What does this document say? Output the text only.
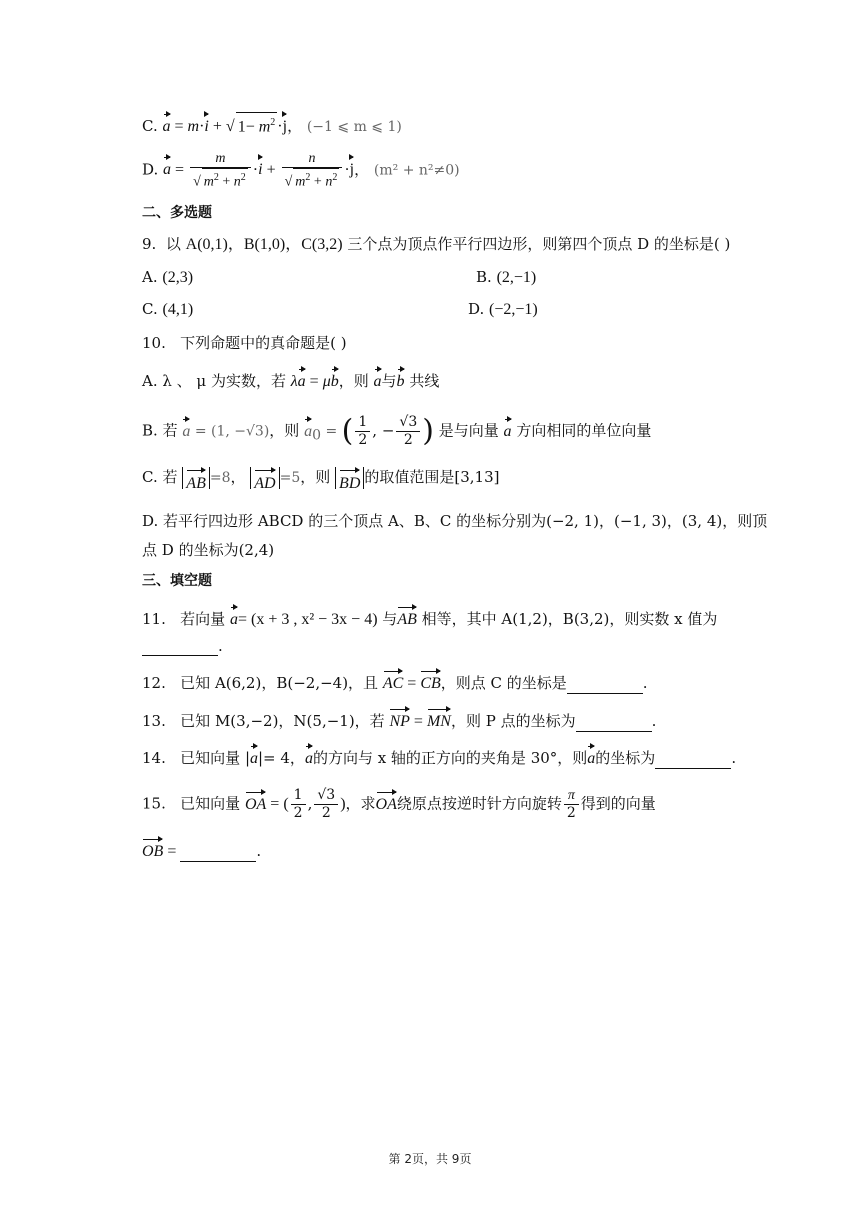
C. a = m·i + √ $1- m^2 \cdot j$， (−1 ⩽ m ⩽ 1)
D. $a = \frac{m}{√ m^2 + n^2} \cdot i + \frac{n}{√ m^2 + n^2} \cdot j$， (m² + n²≠0)
二、多选题
9. 以 A(0,1)，B(1,0)，C(3,2) 三个点为顶点作平行四边形，则第四个顶点 D 的坐标是( )
A. (2,3)	B. (2,−1)
C. (4,1)	D. (−2,−1)
10. 下列命题中的真命题是( )
A. λ 、 μ 为实数，若 λa = μb，则 a与b 共线
B. 若 a = (1, −√3)，则 $a_0$ = ( $\frac{1}{2}$ , − $\frac{√3}{2}$ ) 是与向量 a 方向相同的单位向量
C. 若 AB =8， AD =5，则 BD 的取值范围是[3,13]
D. 若平行四边形 ABCD 的三个顶点 A、B、C 的坐标分别为(−2, 1)，(−1, 3)，(3, 4)，则顶
点 D 的坐标为(2,4)
三、填空题
11. 若向量 a= (x + 3 , x² − 3x − 4) 与AB 相等，其中 A(1,2)，B(3,2)，则实数 x 值为
.
12. 已知 A(6,2)，B(−2,−4)，且 AC = CB，则点 C 的坐标是	.
13. 已知 M(3,−2)，N(5,−1)，若 NP = MN，则 P 点的坐标为	.
14. 已知向量 |a|= 4，a的方向与 x 轴的正方向的夹角是 30°，则a的坐标为	.
15. 已知向量 OA = ( $\frac{1}{2}$ , $\frac{√3}{2}$ )，求OA绕原点按逆时针方向旋转 $\frac{\pi}{2}$ 得到的向量
OB =	.
第 2页，共 9页
